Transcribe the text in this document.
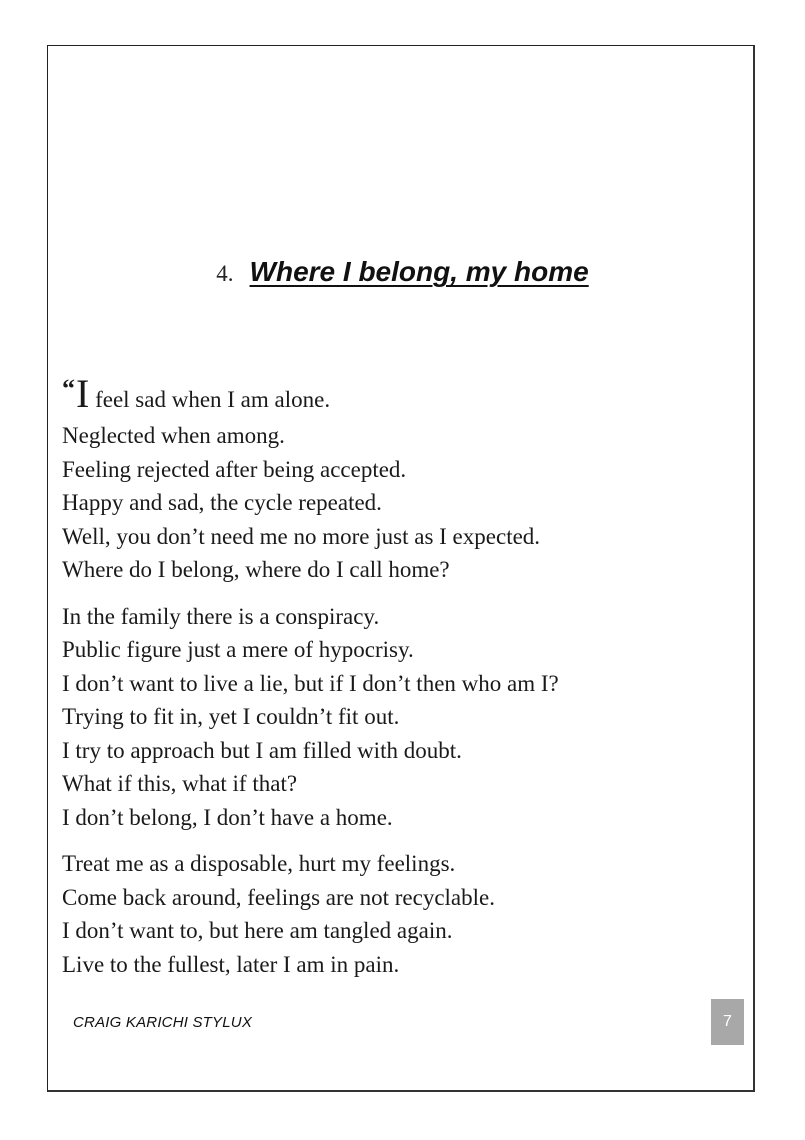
4. Where I belong, my home
“I feel sad when I am alone.
Neglected when among.
Feeling rejected after being accepted.
Happy and sad, the cycle repeated.
Well, you don’t need me no more just as I expected.
Where do I belong, where do I call home?
In the family there is a conspiracy.
Public figure just a mere of hypocrisy.
I don’t want to live a lie, but if I don’t then who am I?
Trying to fit in, yet I couldn’t fit out.
I try to approach but I am filled with doubt.
What if this, what if that?
I don’t belong, I don’t have a home.
Treat me as a disposable, hurt my feelings.
Come back around, feelings are not recyclable.
I don’t want to, but here am tangled again.
Live to the fullest, later I am in pain.
CRAIG KARICHI STYLUX	7
